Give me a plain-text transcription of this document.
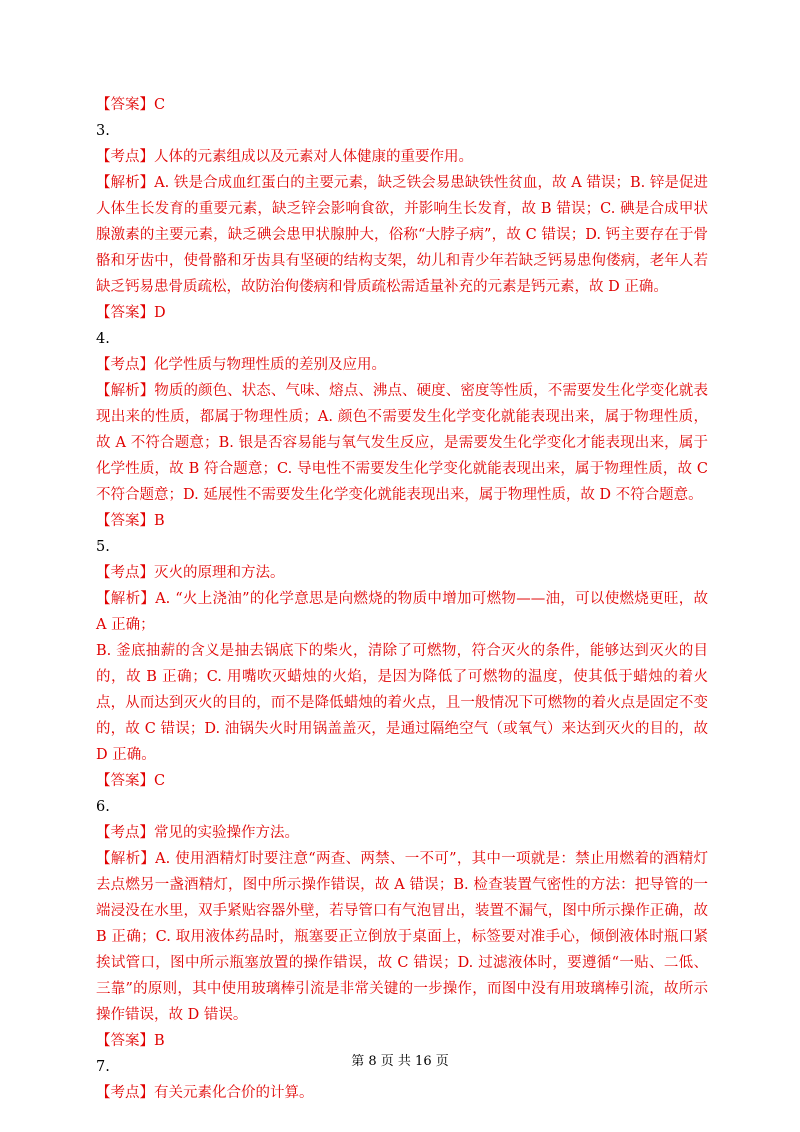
【答案】C
3.
【考点】人体的元素组成以及元素对人体健康的重要作用。
【解析】A. 铁是合成血红蛋白的主要元素，缺乏铁会易患缺铁性贫血，故 A 错误；B. 锌是促进人体生长发育的重要元素，缺乏锌会影响食欲，并影响生长发育，故 B 错误；C. 碘是合成甲状腺激素的主要元素，缺乏碘会患甲状腺肿大，俗称“大脖子病”，故 C 错误；D. 钙主要存在于骨骼和牙齿中，使骨骼和牙齿具有坚硬的结构支架，幼儿和青少年若缺乏钙易患佝偻病，老年人若缺乏钙易患骨质疏松，故防治佝偻病和骨质疏松需适量补充的元素是钙元素，故 D 正确。
【答案】D
4.
【考点】化学性质与物理性质的差别及应用。
【解析】物质的颜色、状态、气味、熔点、沸点、硬度、密度等性质，不需要发生化学变化就表现出来的性质，都属于物理性质；A. 颜色不需要发生化学变化就能表现出来，属于物理性质，故 A 不符合题意；B. 银是否容易能与氧气发生反应，是需要发生化学变化才能表现出来，属于化学性质，故 B 符合题意；C. 导电性不需要发生化学变化就能表现出来，属于物理性质，故 C 不符合题意；D. 延展性不需要发生化学变化就能表现出来，属于物理性质，故 D 不符合题意。
【答案】B
5.
【考点】灭火的原理和方法。
【解析】A. “火上浇油”的化学意思是向燃烧的物质中增加可燃物——油，可以使燃烧更旺，故 A 正确；
B. 釜底抽薪的含义是抽去锅底下的柴火，清除了可燃物，符合灭火的条件，能够达到灭火的目的，故 B 正确；C. 用嘴吹灭蜡烛的火焰，是因为降低了可燃物的温度，使其低于蜡烛的着火点，从而达到灭火的目的，而不是降低蜡烛的着火点，且一般情况下可燃物的着火点是固定不变的，故 C 错误；D. 油锅失火时用锅盖盖灭，是通过隔绝空气（或氧气）来达到灭火的目的，故 D 正确。
【答案】C
6.
【考点】常见的实验操作方法。
【解析】A. 使用酒精灯时要注意“两查、两禁、一不可”，其中一项就是：禁止用燃着的酒精灯去点燃另一盏酒精灯，图中所示操作错误，故 A 错误；B. 检查装置气密性的方法：把导管的一端浸没在水里，双手紧贴容器外壁，若导管口有气泡冒出，装置不漏气，图中所示操作正确，故 B 正确；C. 取用液体药品时，瓶塞要正立倒放于桌面上，标签要对准手心，倾倒液体时瓶口紧挨试管口，图中所示瓶塞放置的操作错误，故 C 错误；D. 过滤液体时，要遵循“一贴、二低、三靠”的原则，其中使用玻璃棒引流是非常关键的一步操作，而图中没有用玻璃棒引流，故所示操作错误，故 D 错误。
【答案】B
7.
【考点】有关元素化合价的计算。
第 8 页 共 16 页
